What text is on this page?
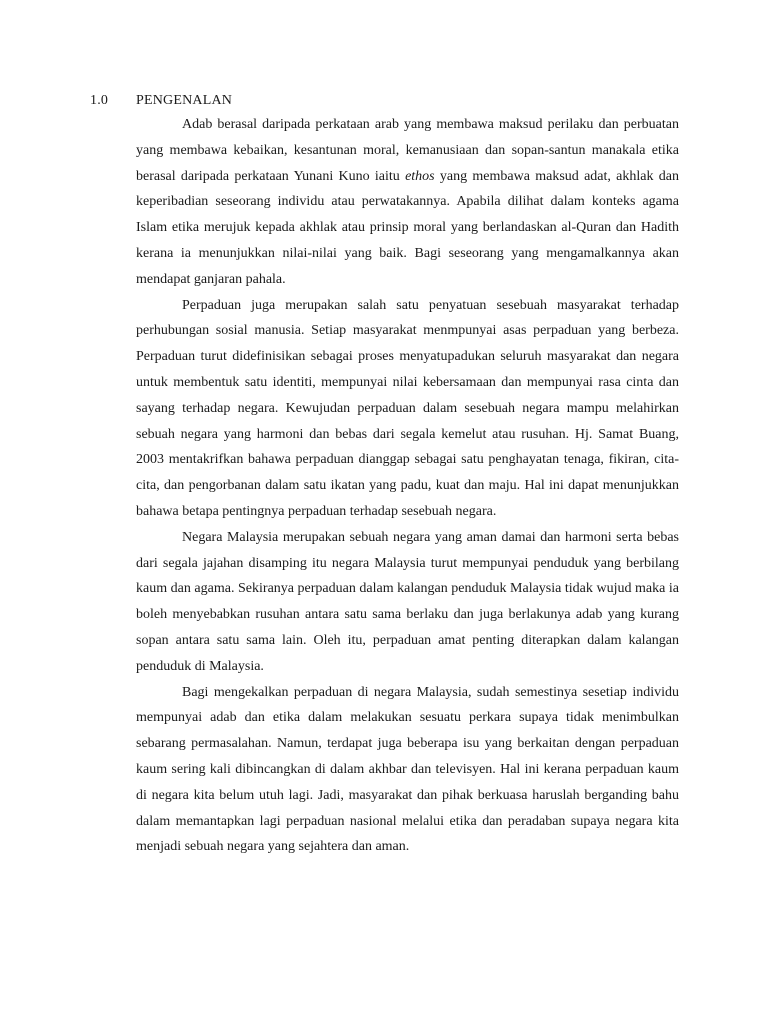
1.0 PENGENALAN

Adab berasal daripada perkataan arab yang membawa maksud perilaku dan perbuatan yang membawa kebaikan, kesantunan moral, kemanusiaan dan sopan-santun manakala etika berasal daripada perkataan Yunani Kuno iaitu ethos yang membawa maksud adat, akhlak dan keperibadian seseorang individu atau perwatakannya. Apabila dilihat dalam konteks agama Islam etika merujuk kepada akhlak atau prinsip moral yang berlandaskan al-Quran dan Hadith kerana ia menunjukkan nilai-nilai yang baik. Bagi seseorang yang mengamalkannya akan mendapat ganjaran pahala.

Perpaduan juga merupakan salah satu penyatuan sesebuah masyarakat terhadap perhubungan sosial manusia. Setiap masyarakat menmpunyai asas perpaduan yang berbeza. Perpaduan turut didefinisikan sebagai proses menyatupadukan seluruh masyarakat dan negara untuk membentuk satu identiti, mempunyai nilai kebersamaan dan mempunyai rasa cinta dan sayang terhadap negara. Kewujudan perpaduan dalam sesebuah negara mampu melahirkan sebuah negara yang harmoni dan bebas dari segala kemelut atau rusuhan. Hj. Samat Buang, 2003 mentakrifkan bahawa perpaduan dianggap sebagai satu penghayatan tenaga, fikiran, cita-cita, dan pengorbanan dalam satu ikatan yang padu, kuat dan maju. Hal ini dapat menunjukkan bahawa betapa pentingnya perpaduan terhadap sesebuah negara.

Negara Malaysia merupakan sebuah negara yang aman damai dan harmoni serta bebas dari segala jajahan disamping itu negara Malaysia turut mempunyai penduduk yang berbilang kaum dan agama. Sekiranya perpaduan dalam kalangan penduduk Malaysia tidak wujud maka ia boleh menyebabkan rusuhan antara satu sama berlaku dan juga berlakunya adab yang kurang sopan antara satu sama lain. Oleh itu, perpaduan amat penting diterapkan dalam kalangan penduduk di Malaysia.

Bagi mengekalkan perpaduan di negara Malaysia, sudah semestinya sesetiap individu mempunyai adab dan etika dalam melakukan sesuatu perkara supaya tidak menimbulkan sebarang permasalahan. Namun, terdapat juga beberapa isu yang berkaitan dengan perpaduan kaum sering kali dibincangkan di dalam akhbar dan televisyen. Hal ini kerana perpaduan kaum di negara kita belum utuh lagi. Jadi, masyarakat dan pihak berkuasa haruslah berganding bahu dalam memantapkan lagi perpaduan nasional melalui etika dan peradaban supaya negara kita menjadi sebuah negara yang sejahtera dan aman.
